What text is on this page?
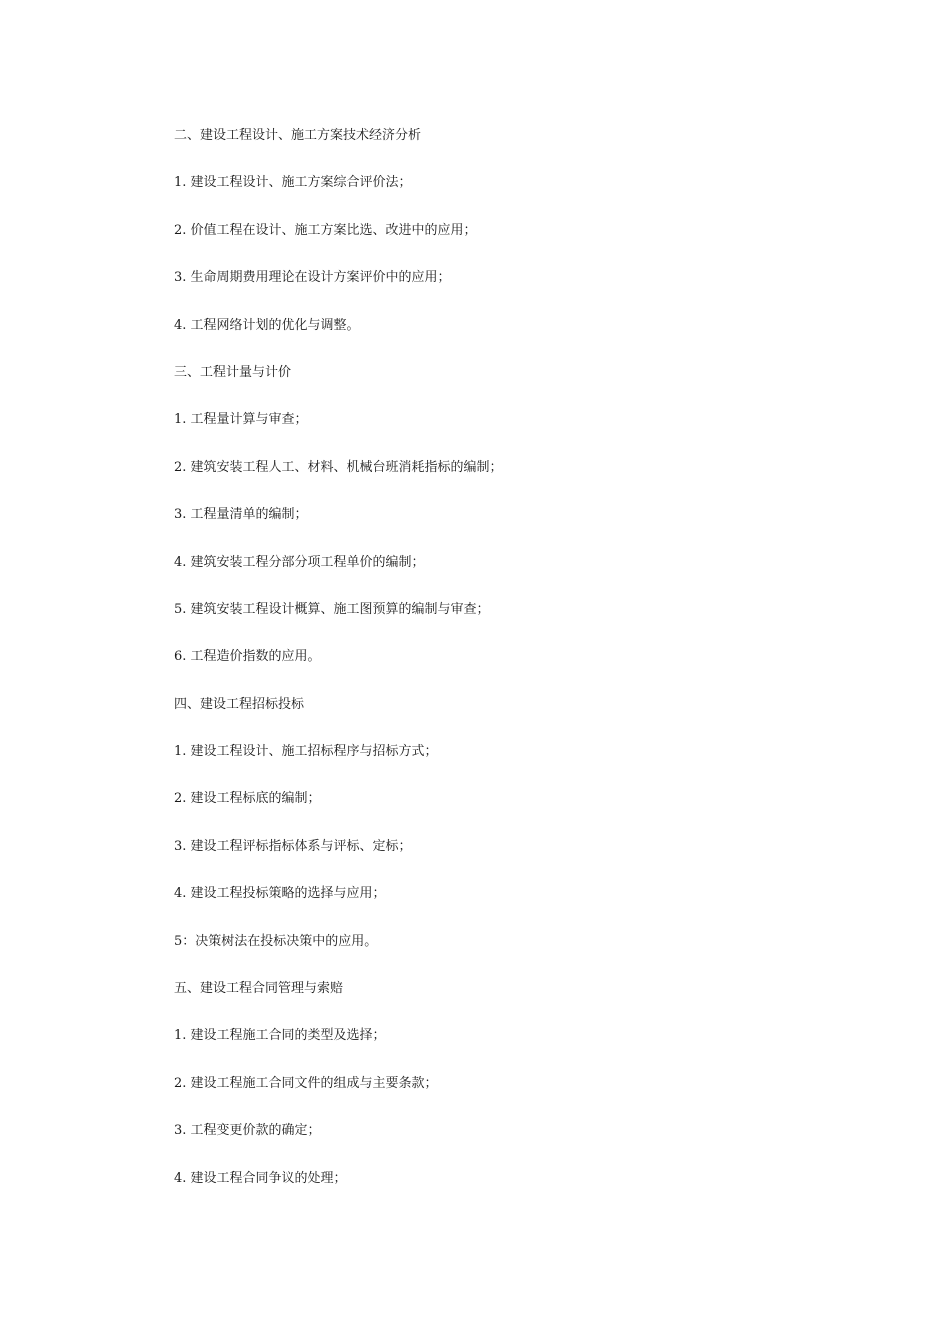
二、建设工程设计、施工方案技术经济分析
1. 建设工程设计、施工方案综合评价法；
2. 价值工程在设计、施工方案比选、改进中的应用；
3. 生命周期费用理论在设计方案评价中的应用；
4. 工程网络计划的优化与调整。
三、工程计量与计价
1. 工程量计算与审查；
2. 建筑安装工程人工、材料、机械台班消耗指标的编制；
3. 工程量清单的编制；
4. 建筑安装工程分部分项工程单价的编制；
5. 建筑安装工程设计概算、施工图预算的编制与审查；
6. 工程造价指数的应用。
四、建设工程招标投标
1. 建设工程设计、施工招标程序与招标方式；
2. 建设工程标底的编制；
3. 建设工程评标指标体系与评标、定标；
4. 建设工程投标策略的选择与应用；
5：决策树法在投标决策中的应用。
五、建设工程合同管理与索赔
1. 建设工程施工合同的类型及选择；
2. 建设工程施工合同文件的组成与主要条款；
3. 工程变更价款的确定；
4. 建设工程合同争议的处理；
